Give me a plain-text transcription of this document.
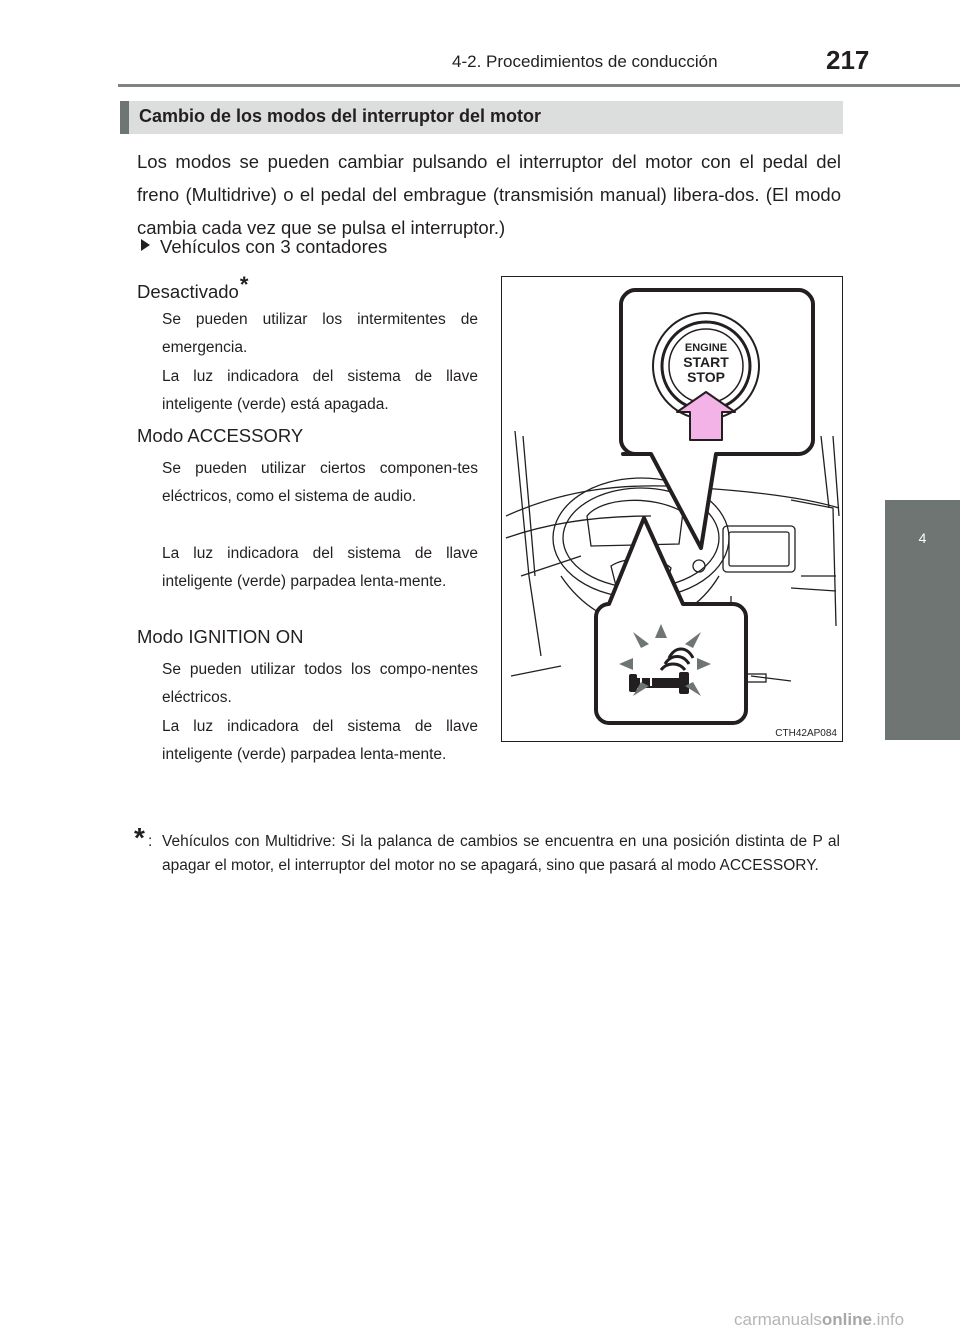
4-2. Procedimientos de conducción	217
4
Conducción
Cambio de los modos del interruptor del motor
Los modos se pueden cambiar pulsando el interruptor del motor con el pedal del freno (Multidrive) o el pedal del embrague (transmisión manual) libera-dos. (El modo cambia cada vez que se pulsa el interruptor.)
Vehículos con 3 contadores
Desactivado*
Se pueden utilizar los intermitentes de emergencia.
La luz indicadora del sistema de llave inteligente (verde) está apagada.
Modo ACCESSORY
Se pueden utilizar ciertos componen-tes eléctricos, como el sistema de audio.
La luz indicadora del sistema de llave inteligente (verde) parpadea lenta-mente.
Modo IGNITION ON
Se pueden utilizar todos los compo-nentes eléctricos.
La luz indicadora del sistema de llave inteligente (verde) parpadea lenta-mente.
ENGINE
START
STOP
CTH42AP084
* : Vehículos con Multidrive: Si la palanca de cambios se encuentra en una posición distinta de P al apagar el motor, el interruptor del motor no se apagará, sino que pasará al modo ACCESSORY.
carmanualsonline.info
